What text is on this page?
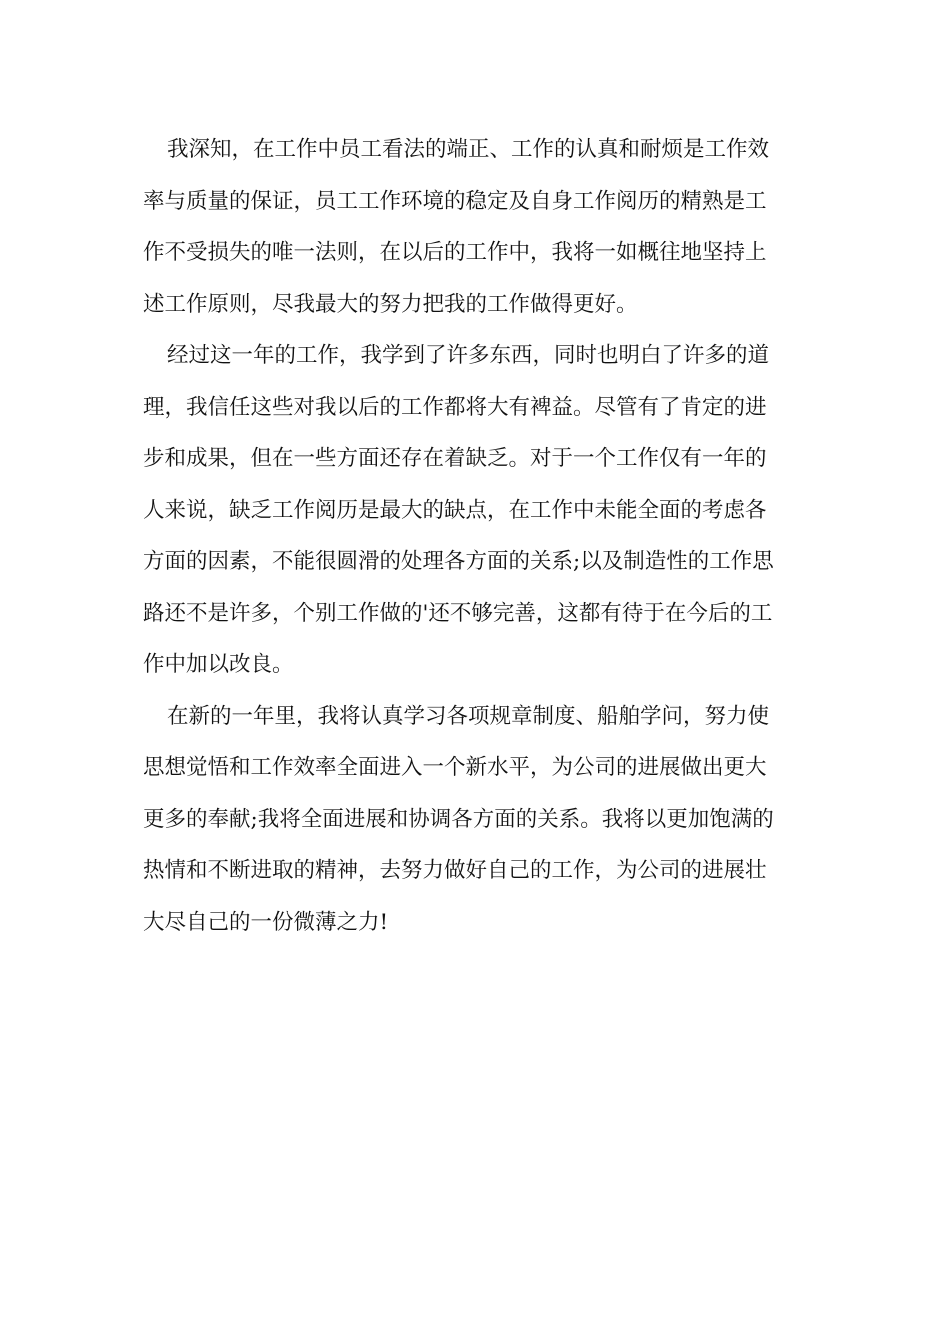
我深知，在工作中员工看法的端正、工作的认真和耐烦是工作效
率与质量的保证，员工工作环境的稳定及自身工作阅历的精熟是工
作不受损失的唯一法则，在以后的工作中，我将一如概往地坚持上
述工作原则，尽我最大的努力把我的工作做得更好。
经过这一年的工作，我学到了许多东西，同时也明白了许多的道
理，我信任这些对我以后的工作都将大有裨益。尽管有了肯定的进
步和成果，但在一些方面还存在着缺乏。对于一个工作仅有一年的
人来说，缺乏工作阅历是最大的缺点，在工作中未能全面的考虑各
方面的因素，不能很圆滑的处理各方面的关系;以及制造性的工作思
路还不是许多，个别工作做的'还不够完善，这都有待于在今后的工
作中加以改良。
在新的一年里，我将认真学习各项规章制度、船舶学问，努力使
思想觉悟和工作效率全面进入一个新水平，为公司的进展做出更大
更多的奉献;我将全面进展和协调各方面的关系。我将以更加饱满的
热情和不断进取的精神，去努力做好自己的工作，为公司的进展壮
大尽自己的一份微薄之力!
